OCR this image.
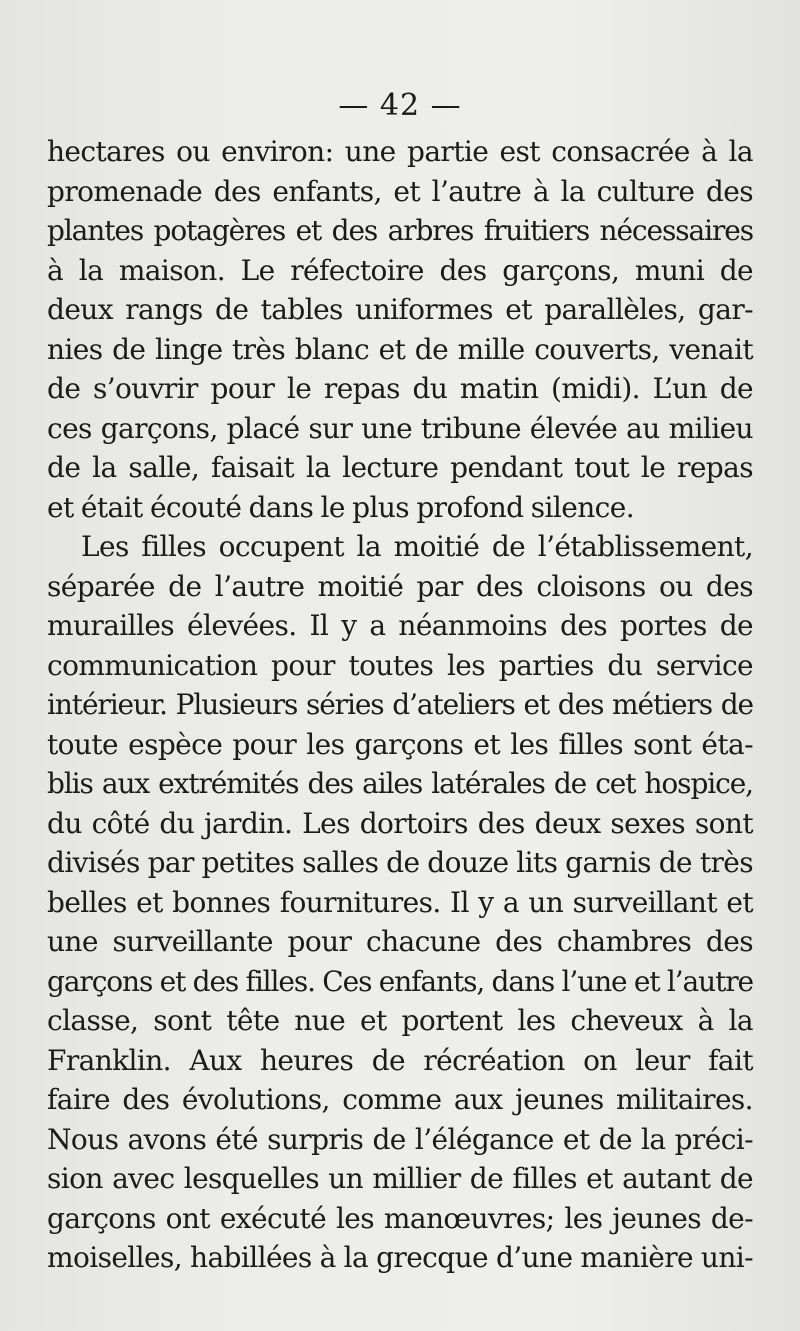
— 42 —
hectares ou environ: une partie est consacrée à la
promenade des enfants, et l’autre à la culture des
plantes potagères et des arbres fruitiers nécessaires
à la maison. Le réfectoire des garçons, muni de
deux rangs de tables uniformes et parallèles, gar-
nies de linge très blanc et de mille couverts, venait
de s’ouvrir pour le repas du matin (midi). L’un de
ces garçons, placé sur une tribune élevée au milieu
de la salle, faisait la lecture pendant tout le repas
et était écouté dans le plus profond silence.
Les filles occupent la moitié de l’établissement,
séparée de l’autre moitié par des cloisons ou des
murailles élevées. Il y a néanmoins des portes de
communication pour toutes les parties du service
intérieur. Plusieurs séries d’ateliers et des métiers de
toute espèce pour les garçons et les filles sont éta-
blis aux extrémités des ailes latérales de cet hospice,
du côté du jardin. Les dortoirs des deux sexes sont
divisés par petites salles de douze lits garnis de très
belles et bonnes fournitures. Il y a un surveillant et
une surveillante pour chacune des chambres des
garçons et des filles. Ces enfants, dans l’une et l’autre
classe, sont tête nue et portent les cheveux à la
Franklin. Aux heures de récréation on leur fait
faire des évolutions, comme aux jeunes militaires.
Nous avons été surpris de l’élégance et de la préci-
sion avec lesquelles un millier de filles et autant de
garçons ont exécuté les manœuvres; les jeunes de-
moiselles, habillées à la grecque d’une manière uni-
